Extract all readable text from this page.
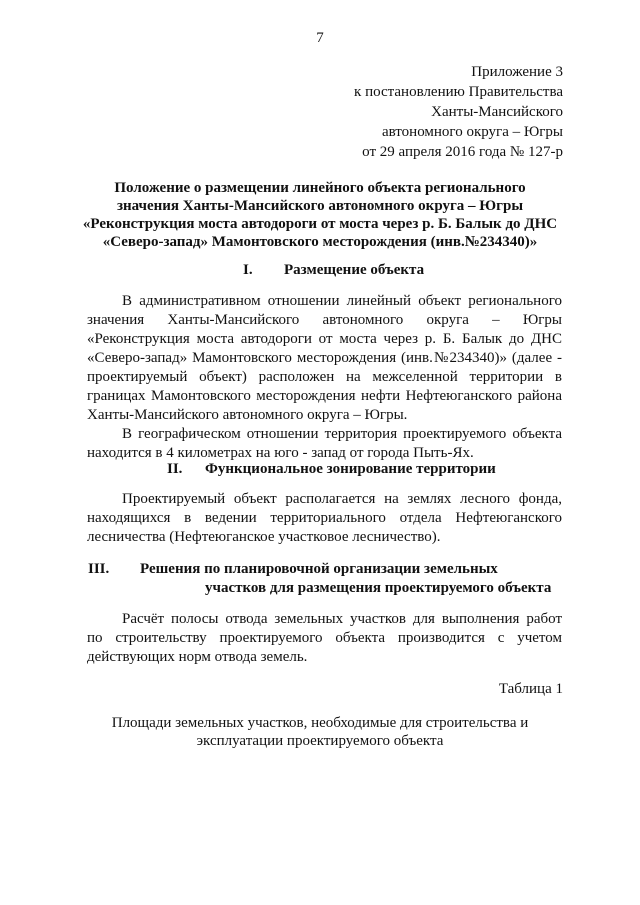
7
Приложение 3
к постановлению Правительства
Ханты-Мансийского
автономного округа – Югры
от 29 апреля 2016 года № 127-р
Положение о размещении линейного объекта регионального
значения Ханты-Мансийского автономного округа – Югры
«Реконструкция моста автодороги от моста через р. Б. Балык до ДНС
«Северо-запад» Мамонтовского месторождения (инв.№234340)»
I. Размещение объекта
В административном отношении линейный объект регионального
значения Ханты-Мансийского автономного округа – Югры
«Реконструкция моста автодороги от моста через р. Б. Балык до ДНС
«Северо-запад» Мамонтовского месторождения (инв.№234340)» (далее -
проектируемый объект) расположен на межселенной территории в
границах Мамонтовского месторождения нефти Нефтеюганского района
Ханты-Мансийского автономного округа – Югры.
В географическом отношении территория проектируемого объекта
находится в 4 километрах на юго - запад от города Пыть-Ях.
II. Функциональное зонирование территории
Проектируемый объект располагается на землях лесного фонда,
находящихся в ведении территориального отдела Нефтеюганского
лесничества (Нефтеюганское участковое лесничество).
III. Решения по планировочной организации земельных
участков для размещения проектируемого объекта
Расчёт полосы отвода земельных участков для выполнения работ
по строительству проектируемого объекта производится с учетом
действующих норм отвода земель.
Таблица 1
Площади земельных участков, необходимые для строительства и
эксплуатации проектируемого объекта
